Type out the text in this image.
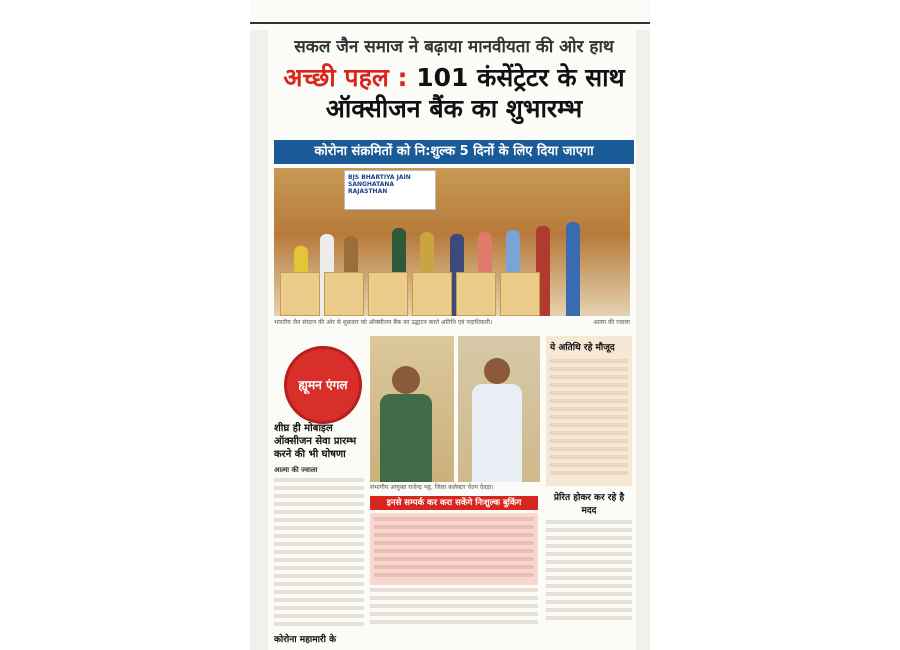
सकल जैन समाज ने बढ़ाया मानवीयता की ओर हाथ
अच्छी पहल : 101 कंसेंट्रेटर के साथ ऑक्सीजन बैंक का शुभारम्भ
कोरोना संक्रमितों को नि:शुल्क 5 दिनों के लिए दिया जाएगा
BJS BHARTIYA JAIN SANGHATANA RAJASTHAN
भारतीय जैन संघटन की ओर से शुक्रवार को ऑक्सीजन बैंक का उद्घाटन करते अतिथि एवं पदाधिकारी।	आत्मा की ज्वाला
ह्यूमन एंगल
शीघ्र ही मोबाइल ऑक्सीजन सेवा प्रारम्भ करने की भी घोषणा
आत्मा की ज्वाला
संभागीय आयुक्त राजेन्द्र भट्ट, जिला कलेक्टर चेतन देवड़ा।
ये अतिथि रहे मौजूद
इनसे सम्पर्क कर करा सकेंगे निःशुल्क बुकिंग	प्रेरित होकर कर रहे है मदद
कोरोना महामारी के
